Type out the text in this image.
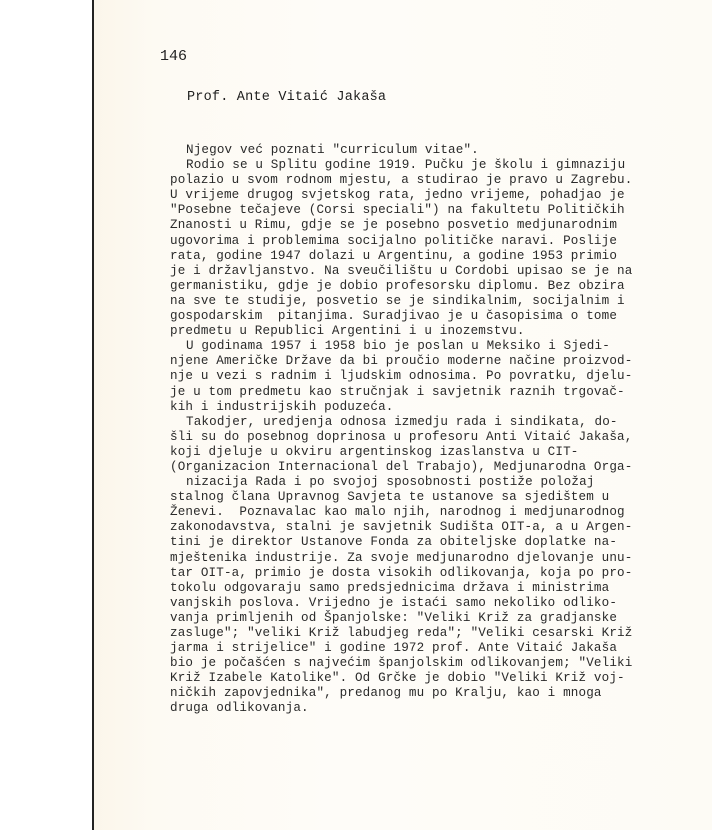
146
Prof. Ante Vitaić Jakaša
Njegov već poznati "curriculum vitae".
Rodio se u Splitu godine 1919. Pučku je školu i gimnaziju
polazio u svom rodnom mjestu, a studirao je pravo u Zagrebu.
U vrijeme drugog svjetskog rata, jedno vrijeme, pohadjao je
"Posebne tečajeve (Corsi speciali") na fakultetu Političkih
Znanosti u Rimu, gdje se je posebno posvetio medjunarodnim
ugovorima i problemima socijalno političke naravi. Poslije
rata, godine 1947 dolazi u Argentinu, a godine 1953 primio
je i državljanstvo. Na sveučilištu u Cordobi upisao se je na
germanistiku, gdje je dobio profesorsku diplomu. Bez obzira
na sve te studije, posvetio se je sindikalnim, socijalnim i
gospodarskim  pitanjima. Suradjivao je u časopisima o tome
predmetu u Republici Argentini i u inozemstvu.
U godinama 1957 i 1958 bio je poslan u Meksiko i Sjedi-
njene Američke Države da bi proučio moderne načine proizvod-
nje u vezi s radnim i ljudskim odnosima. Po povratku, djelu-
je u tom predmetu kao stručnjak i savjetnik raznih trgovač-
kih i industrijskih poduzeća.
Takodjer, uredjenja odnosa izmedju rada i sindikata, do-
šli su do posebnog doprinosa u profesoru Anti Vitaić Jakaša,
koji djeluje u okviru argentinskog izaslanstva u CIT-
(Organizacion Internacional del Trabajo), Medjunarodna Orga-
nizacija Rada i po svojoj sposobnosti postiže položaj
stalnog člana Upravnog Savjeta te ustanove sa sjedištem u
Ženevi.  Poznavalac kao malo njih, narodnog i medjunarodnog
zakonodavstva, stalni je savjetnik Sudišta OIT-a, a u Argen-
tini je direktor Ustanove Fonda za obiteljske doplatke na-
mještenika industrije. Za svoje medjunarodno djelovanje unu-
tar OIT-a, primio je dosta visokih odlikovanja, koja po pro-
tokolu odgovaraju samo predsjednicima država i ministrima
vanjskih poslova. Vrijedno je istaći samo nekoliko odliko-
vanja primljenih od Španjolske: "Veliki Križ za gradjanske
zasluge"; "veliki Križ labudjeg reda"; "Veliki cesarski Križ
jarma i strijelice" i godine 1972 prof. Ante Vitaić Jakaša
bio je počašćen s najvećim španjolskim odlikovanjem; "Veliki
Križ Izabele Katolike". Od Grčke je dobio "Veliki Križ voj-
ničkih zapovjednika", predanog mu po Kralju, kao i mnoga
druga odlikovanja.
